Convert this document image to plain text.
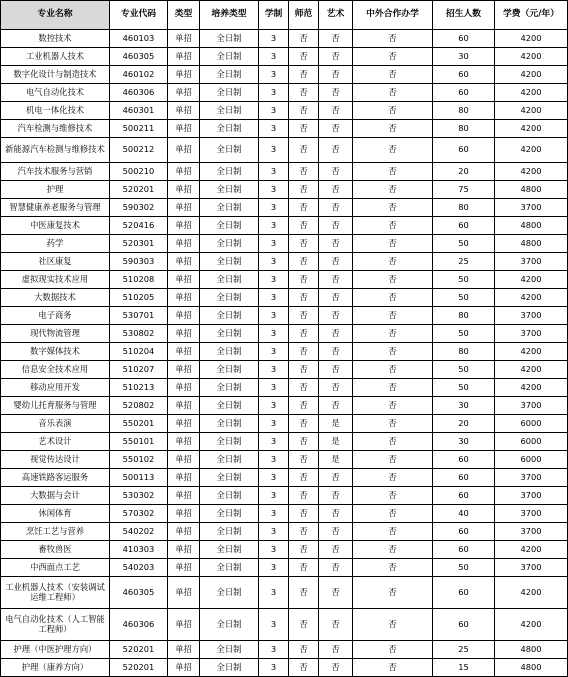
专业名称	专业代码	类型	培养类型	学制	师范	艺术	中外合作办学	招生人数	学费（元/年）
数控技术	460103	单招	全日制	3	否	否	否	60	4200
工业机器人技术	460305	单招	全日制	3	否	否	否	30	4200
数字化设计与制造技术	460102	单招	全日制	3	否	否	否	60	4200
电气自动化技术	460306	单招	全日制	3	否	否	否	60	4200
机电一体化技术	460301	单招	全日制	3	否	否	否	80	4200
汽车检测与维修技术	500211	单招	全日制	3	否	否	否	80	4200
新能源汽车检测与维修技术	500212	单招	全日制	3	否	否	否	60	4200
汽车技术服务与营销	500210	单招	全日制	3	否	否	否	20	4200
护理	520201	单招	全日制	3	否	否	否	75	4800
智慧健康养老服务与管理	590302	单招	全日制	3	否	否	否	80	3700
中医康复技术	520416	单招	全日制	3	否	否	否	60	4800
药学	520301	单招	全日制	3	否	否	否	50	4800
社区康复	590303	单招	全日制	3	否	否	否	25	3700
虚拟现实技术应用	510208	单招	全日制	3	否	否	否	50	4200
大数据技术	510205	单招	全日制	3	否	否	否	50	4200
电子商务	530701	单招	全日制	3	否	否	否	80	3700
现代物流管理	530802	单招	全日制	3	否	否	否	50	3700
数字媒体技术	510204	单招	全日制	3	否	否	否	80	4200
信息安全技术应用	510207	单招	全日制	3	否	否	否	50	4200
移动应用开发	510213	单招	全日制	3	否	否	否	50	4200
婴幼儿托育服务与管理	520802	单招	全日制	3	否	否	否	30	3700
音乐表演	550201	单招	全日制	3	否	是	否	20	6000
艺术设计	550101	单招	全日制	3	否	是	否	30	6000
视觉传达设计	550102	单招	全日制	3	否	是	否	60	6000
高速铁路客运服务	500113	单招	全日制	3	否	否	否	60	3700
大数据与会计	530302	单招	全日制	3	否	否	否	60	3700
休闲体育	570302	单招	全日制	3	否	否	否	40	3700
烹饪工艺与营养	540202	单招	全日制	3	否	否	否	60	3700
畜牧兽医	410303	单招	全日制	3	否	否	否	60	4200
中西面点工艺	540203	单招	全日制	3	否	否	否	50	3700
工业机器人技术（安装调试运维工程师）	460305	单招	全日制	3	否	否	否	60	4200
电气自动化技术（人工智能工程师）	460306	单招	全日制	3	否	否	否	60	4200
护理（中医护理方向）	520201	单招	全日制	3	否	否	否	25	4800
护理（康养方向）	520201	单招	全日制	3	否	否	否	15	4800
